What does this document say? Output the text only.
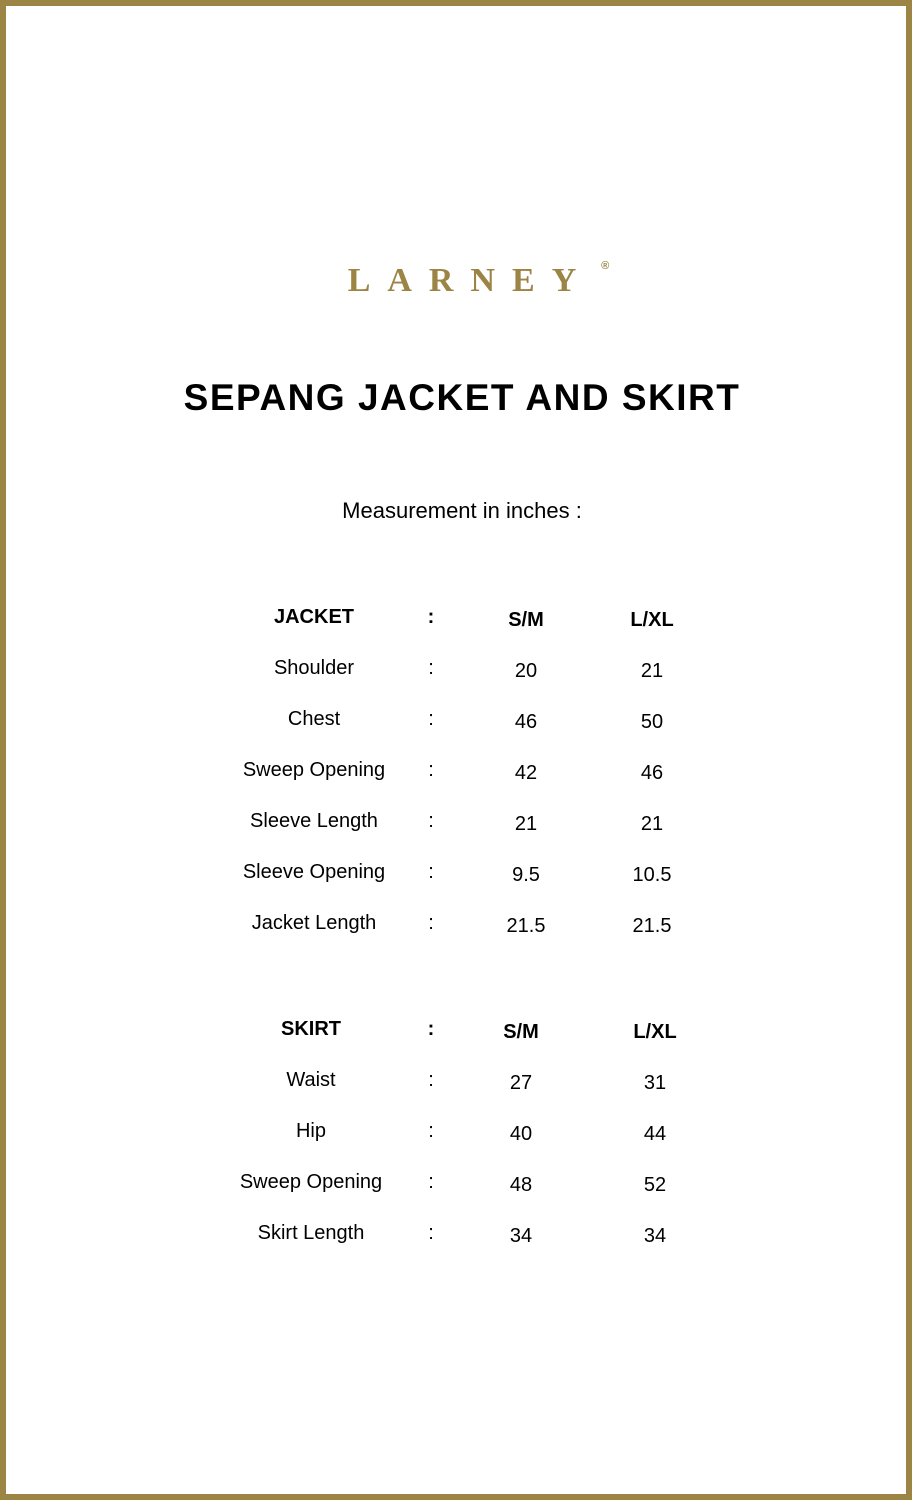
LARNEY ®
SEPANG JACKET AND SKIRT
Measurement in inches :
JACKET	:	S/M	L/XL
Shoulder	:	20	21
Chest	:	46	50
Sweep Opening	:	42	46
Sleeve Length	:	21	21
Sleeve Opening	:	9.5	10.5
Jacket Length	:	21.5	21.5
SKIRT	:	S/M	L/XL
Waist	:	27	31
Hip	:	40	44
Sweep Opening	:	48	52
Skirt Length	:	34	34
